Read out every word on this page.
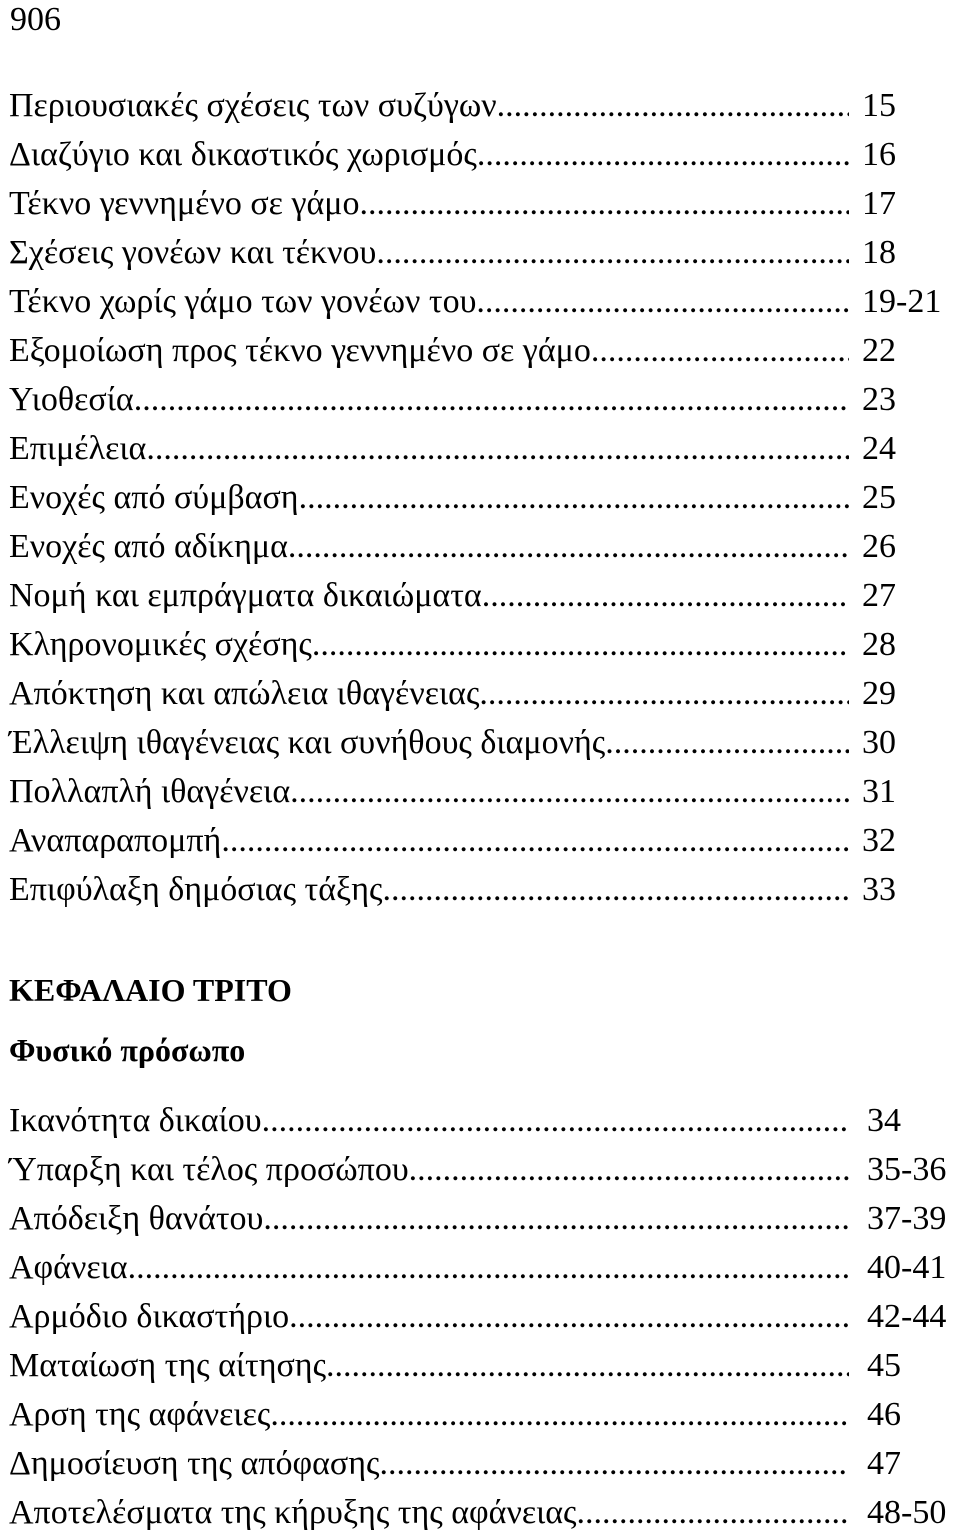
906
Περιουσιακές σχέσεις των συζύγων .....	15
Διαζύγιο και δικαστικός χωρισμός .....	16
Τέκνο γεννημένο σε γάμο .....	17
Σχέσεις γονέων και τέκνου .....	18
Τέκνο χωρίς γάμο των γονέων του .....	19-21
Εξομοίωση προς τέκνο γεννημένο σε γάμο .....	22
Υιοθεσία .....	23
Επιμέλεια .....	24
Ενοχές από σύμβαση .....	25
Ενοχές από αδίκημα .....	26
Νομή και εμπράγματα δικαιώματα .....	27
Κληρονομικές σχέσης .....	28
Απόκτηση και απώλεια ιθαγένειας .....	29
Έλλειψη ιθαγένειας και συνήθους διαμονής .....	30
Πολλαπλή ιθαγένεια .....	31
Αναπαραπομπή .....	32
Επιφύλαξη δημόσιας τάξης .....	33
ΚΕΦΑΛΑΙΟ ΤΡΙΤΟ
Φυσικό πρόσωπο
Ικανότητα δικαίου .....	34
Ύπαρξη και τέλος προσώπου .....	35-36
Απόδειξη θανάτου .....	37-39
Αφάνεια .....	40-41
Αρμόδιο δικαστήριο .....	42-44
Ματαίωση της αίτησης .....	45
Αρση της αφάνειες .....	46
Δημοσίευση της απόφασης .....	47
Αποτελέσματα της κήρυξης της αφάνειας .....	48-50
